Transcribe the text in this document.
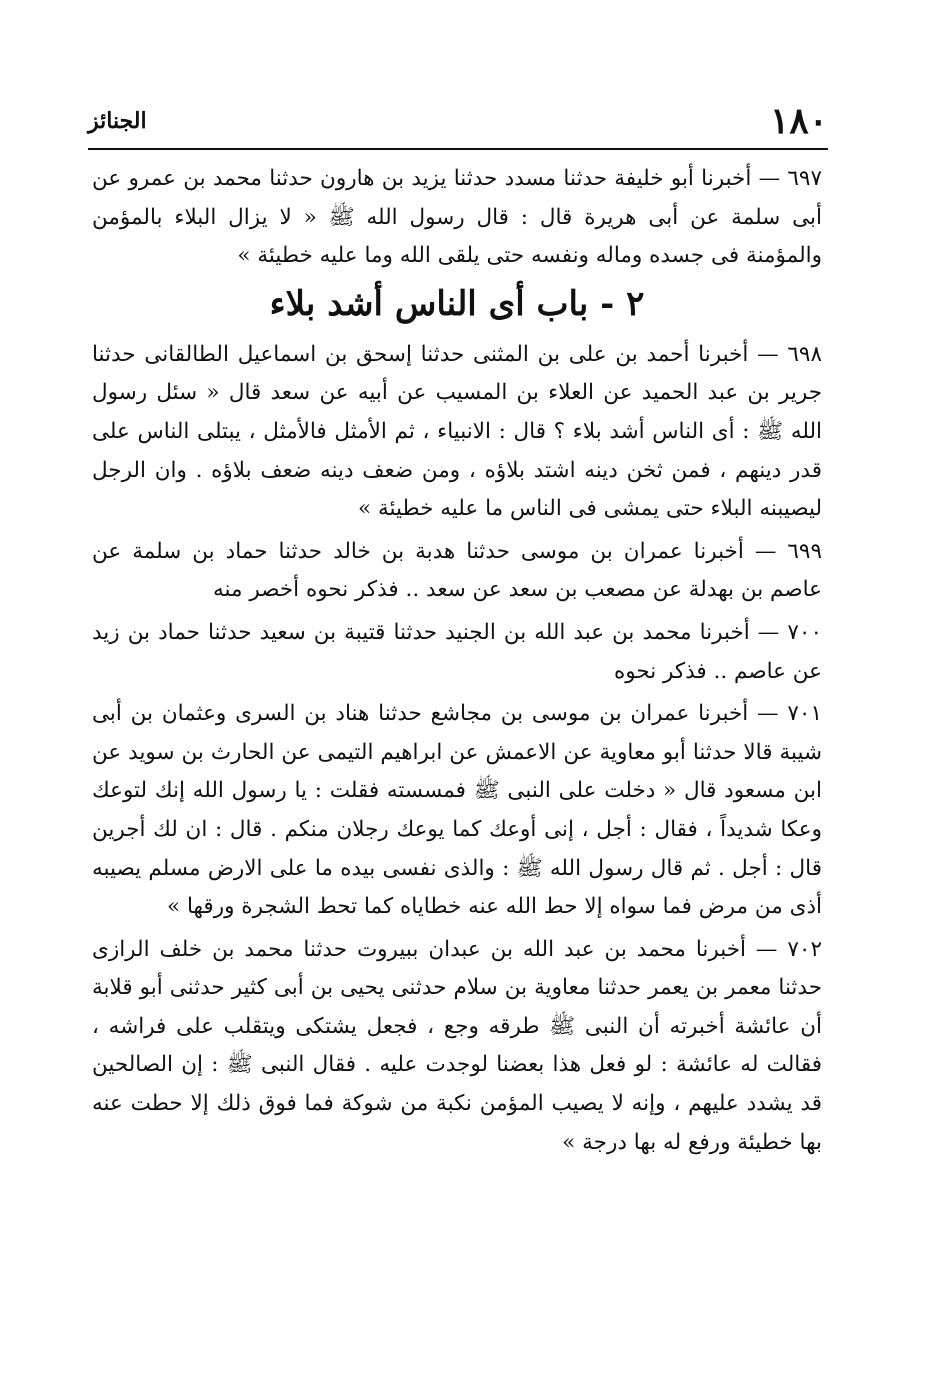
١٨٠
الجنائز

٦٩٧ — أخبرنا أبو خليفة حدثنا مسدد حدثنا يزيد بن هارون حدثنا محمد بن عمرو عن أبى سلمة عن أبى هريرة قال : قال رسول الله ﷺ « لا يزال البلاء بالمؤمن والمؤمنة فى جسده وماله ونفسه حتى يلقى الله وما عليه خطيئة »

٢ - باب أى الناس أشد بلاء

٦٩٨ — أخبرنا أحمد بن على بن المثنى حدثنا إسحق بن اسماعيل الطالقانى حدثنا جرير بن عبد الحميد عن العلاء بن المسيب عن أبيه عن سعد قال « سئل رسول الله ﷺ : أى الناس أشد بلاء ؟ قال : الانبياء ، ثم الأمثل فالأمثل ، يبتلى الناس على قدر دينهم ، فمن ثخن دينه اشتد بلاؤه ، ومن ضعف دينه ضعف بلاؤه . وان الرجل ليصيبنه البلاء حتى يمشى فى الناس ما عليه خطيئة »

٦٩٩ — أخبرنا عمران بن موسى حدثنا هدبة بن خالد حدثنا حماد بن سلمة عن عاصم بن بهدلة عن مصعب بن سعد عن سعد .. فذكر نحوه أخصر منه

٧٠٠ — أخبرنا محمد بن عبد الله بن الجنيد حدثنا قتيبة بن سعيد حدثنا حماد بن زيد عن عاصم .. فذكر نحوه

٧٠١ — أخبرنا عمران بن موسى بن مجاشع حدثنا هناد بن السرى وعثمان بن أبى شيبة قالا حدثنا أبو معاوية عن الاعمش عن ابراهيم التيمى عن الحارث بن سويد عن ابن مسعود قال « دخلت على النبى ﷺ فمسسته فقلت : يا رسول الله إنك لتوعك وعكا شديداً ، فقال : أجل ، إنى أوعك كما يوعك رجلان منكم . قال : ان لك أجرين قال : أجل . ثم قال رسول الله ﷺ : والذى نفسى بيده ما على الارض مسلم يصيبه أذى من مرض فما سواه إلا حط الله عنه خطاياه كما تحط الشجرة ورقها »

٧٠٢ — أخبرنا محمد بن عبد الله بن عبدان ببيروت حدثنا محمد بن خلف الرازى حدثنا معمر بن يعمر حدثنا معاوية بن سلام حدثنى يحيى بن أبى كثير حدثنى أبو قلابة أن عائشة أخبرته أن النبى ﷺ طرقه وجع ، فجعل يشتكى ويتقلب على فراشه ، فقالت له عائشة : لو فعل هذا بعضنا لوجدت عليه . فقال النبى ﷺ : إن الصالحين قد يشدد عليهم ، وإنه لا يصيب المؤمن نكبة من شوكة فما فوق ذلك إلا حطت عنه بها خطيئة ورفع له بها درجة »
